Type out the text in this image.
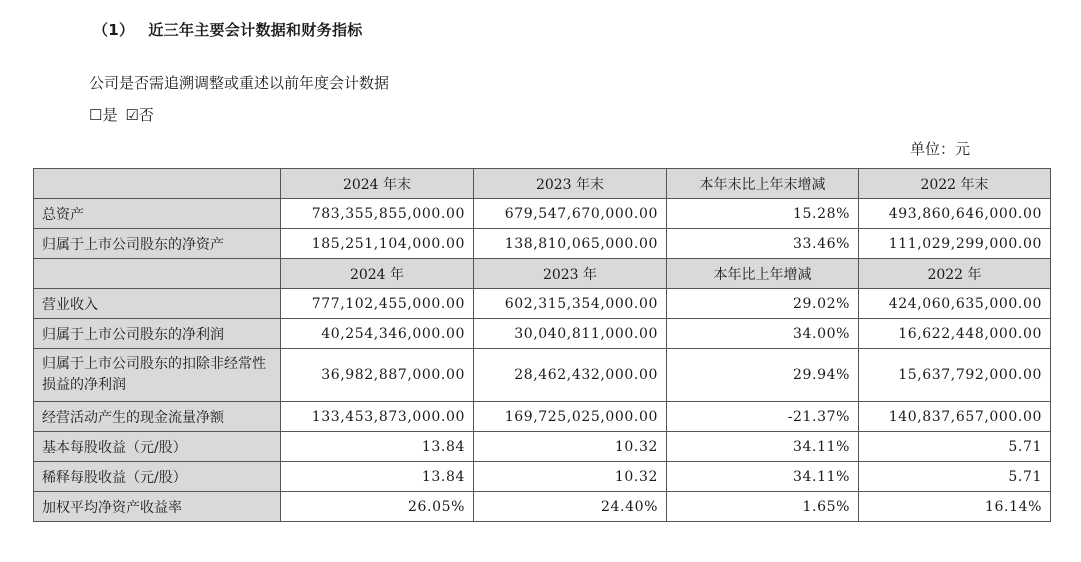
（1） 近三年主要会计数据和财务指标
公司是否需追溯调整或重述以前年度会计数据
☐是 ☑否
单位：元
	2024 年末	2023 年末	本年末比上年末增减	2022 年末
总资产	783,355,855,000.00	679,547,670,000.00	15.28%	493,860,646,000.00
归属于上市公司股东的净资产	185,251,104,000.00	138,810,065,000.00	33.46%	111,029,299,000.00
	2024 年	2023 年	本年比上年增减	2022 年
营业收入	777,102,455,000.00	602,315,354,000.00	29.02%	424,060,635,000.00
归属于上市公司股东的净利润	40,254,346,000.00	30,040,811,000.00	34.00%	16,622,448,000.00
归属于上市公司股东的扣除非经常性损益的净利润	36,982,887,000.00	28,462,432,000.00	29.94%	15,637,792,000.00
经营活动产生的现金流量净额	133,453,873,000.00	169,725,025,000.00	-21.37%	140,837,657,000.00
基本每股收益（元/股）	13.84	10.32	34.11%	5.71
稀释每股收益（元/股）	13.84	10.32	34.11%	5.71
加权平均净资产收益率	26.05%	24.40%	1.65%	16.14%
